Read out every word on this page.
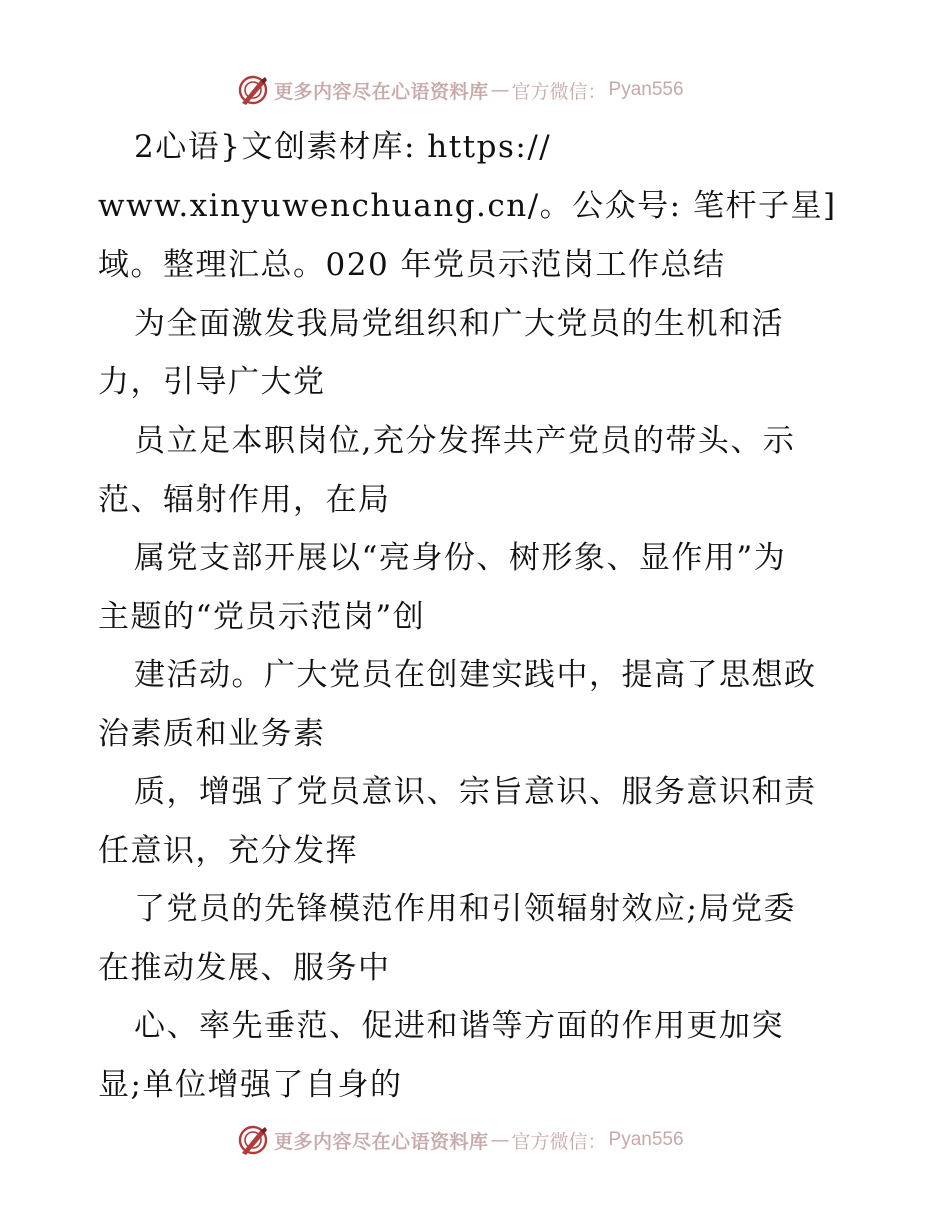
更多内容尽在心语资料库 — 官方微信： Pyan556
2心语}文创素材库: https://
www.xinyuwenchuang.cn/。公众号: 笔杆子星]
域。整理汇总。020 年党员示范岗工作总结
为全面激发我局党组织和广大党员的生机和活
力，引导广大党
员立足本职岗位,充分发挥共产党员的带头、示
范、辐射作用，在局
属党支部开展以“亮身份、树形象、显作用”为
主题的“党员示范岗”创
建活动。广大党员在创建实践中，提高了思想政
治素质和业务素
质，增强了党员意识、宗旨意识、服务意识和责
任意识，充分发挥
了党员的先锋模范作用和引领辐射效应;局党委
在推动发展、服务中
心、率先垂范、促进和谐等方面的作用更加突
显;单位增强了自身的
更多内容尽在心语资料库 — 官方微信： Pyan556
